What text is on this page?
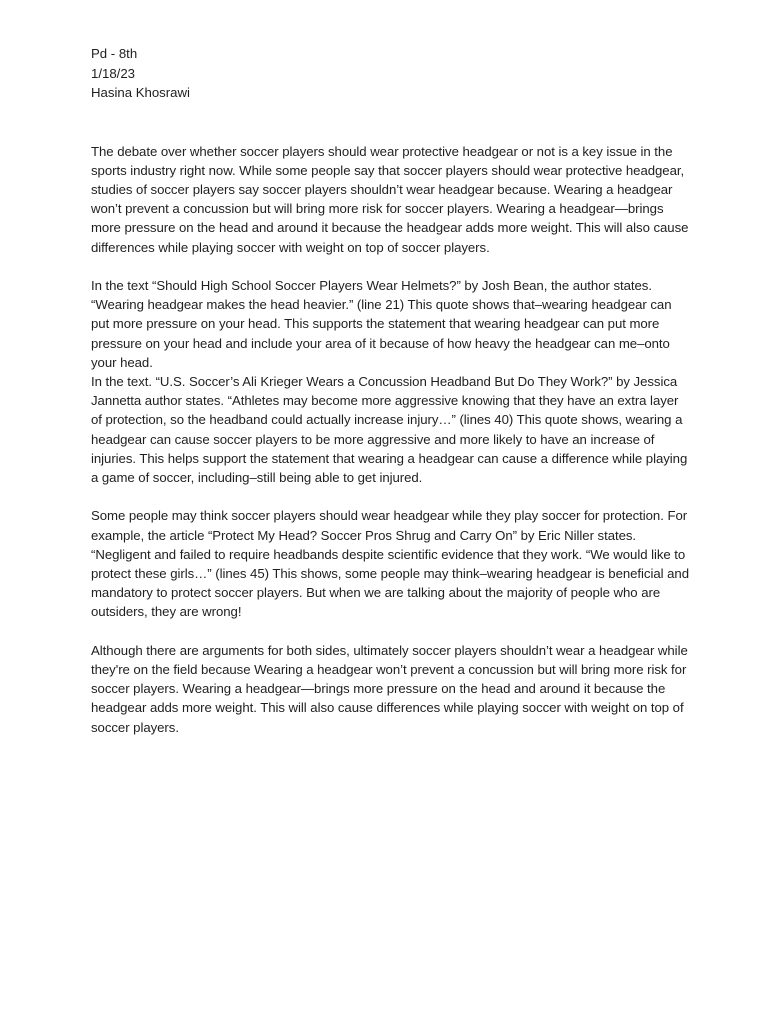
Pd - 8th

1/18/23

Hasina Khosrawi

The debate over whether soccer players should wear protective headgear or not is a key issue in the sports industry right now. While some people say that soccer players should wear protective headgear, studies of soccer players say soccer players shouldn’t wear headgear because. Wearing a headgear won’t prevent a concussion but will bring more risk for soccer players. Wearing a headgear—brings more pressure on the head and around it because the headgear adds more weight. This will also cause differences while playing soccer with weight on top of soccer players.

In the text “Should High School Soccer Players Wear Helmets?” by Josh Bean, the author states. “Wearing headgear makes the head heavier.” (line 21) This quote shows that–wearing headgear can put more pressure on your head. This supports the statement that wearing headgear can put more pressure on your head and include your area of it because of how heavy the headgear can me–onto your head.

In the text. “U.S. Soccer’s Ali Krieger Wears a Concussion Headband But Do They Work?” by Jessica Jannetta author states. “Athletes may become more aggressive knowing that they have an extra layer of protection, so the headband could actually increase injury…” (lines 40) This quote shows, wearing a headgear can cause soccer players to be more aggressive and more likely to have an increase of injuries. This helps support the statement that wearing a headgear can cause a difference while playing a game of soccer, including–still being able to get injured.

Some people may think soccer players should wear headgear while they play soccer for protection. For example, the article “Protect My Head? Soccer Pros Shrug and Carry On” by Eric Niller states. “Negligent and failed to require headbands despite scientific evidence that they work. “We would like to protect these girls…” (lines 45) This shows, some people may think–wearing headgear is beneficial and mandatory to protect soccer players. But when we are talking about the majority of people who are outsiders, they are wrong!

Although there are arguments for both sides, ultimately soccer players shouldn’t wear a headgear while they're on the field because Wearing a headgear won’t prevent a concussion but will bring more risk for soccer players. Wearing a headgear—brings more pressure on the head and around it because the headgear adds more weight. This will also cause differences while playing soccer with weight on top of soccer players.
